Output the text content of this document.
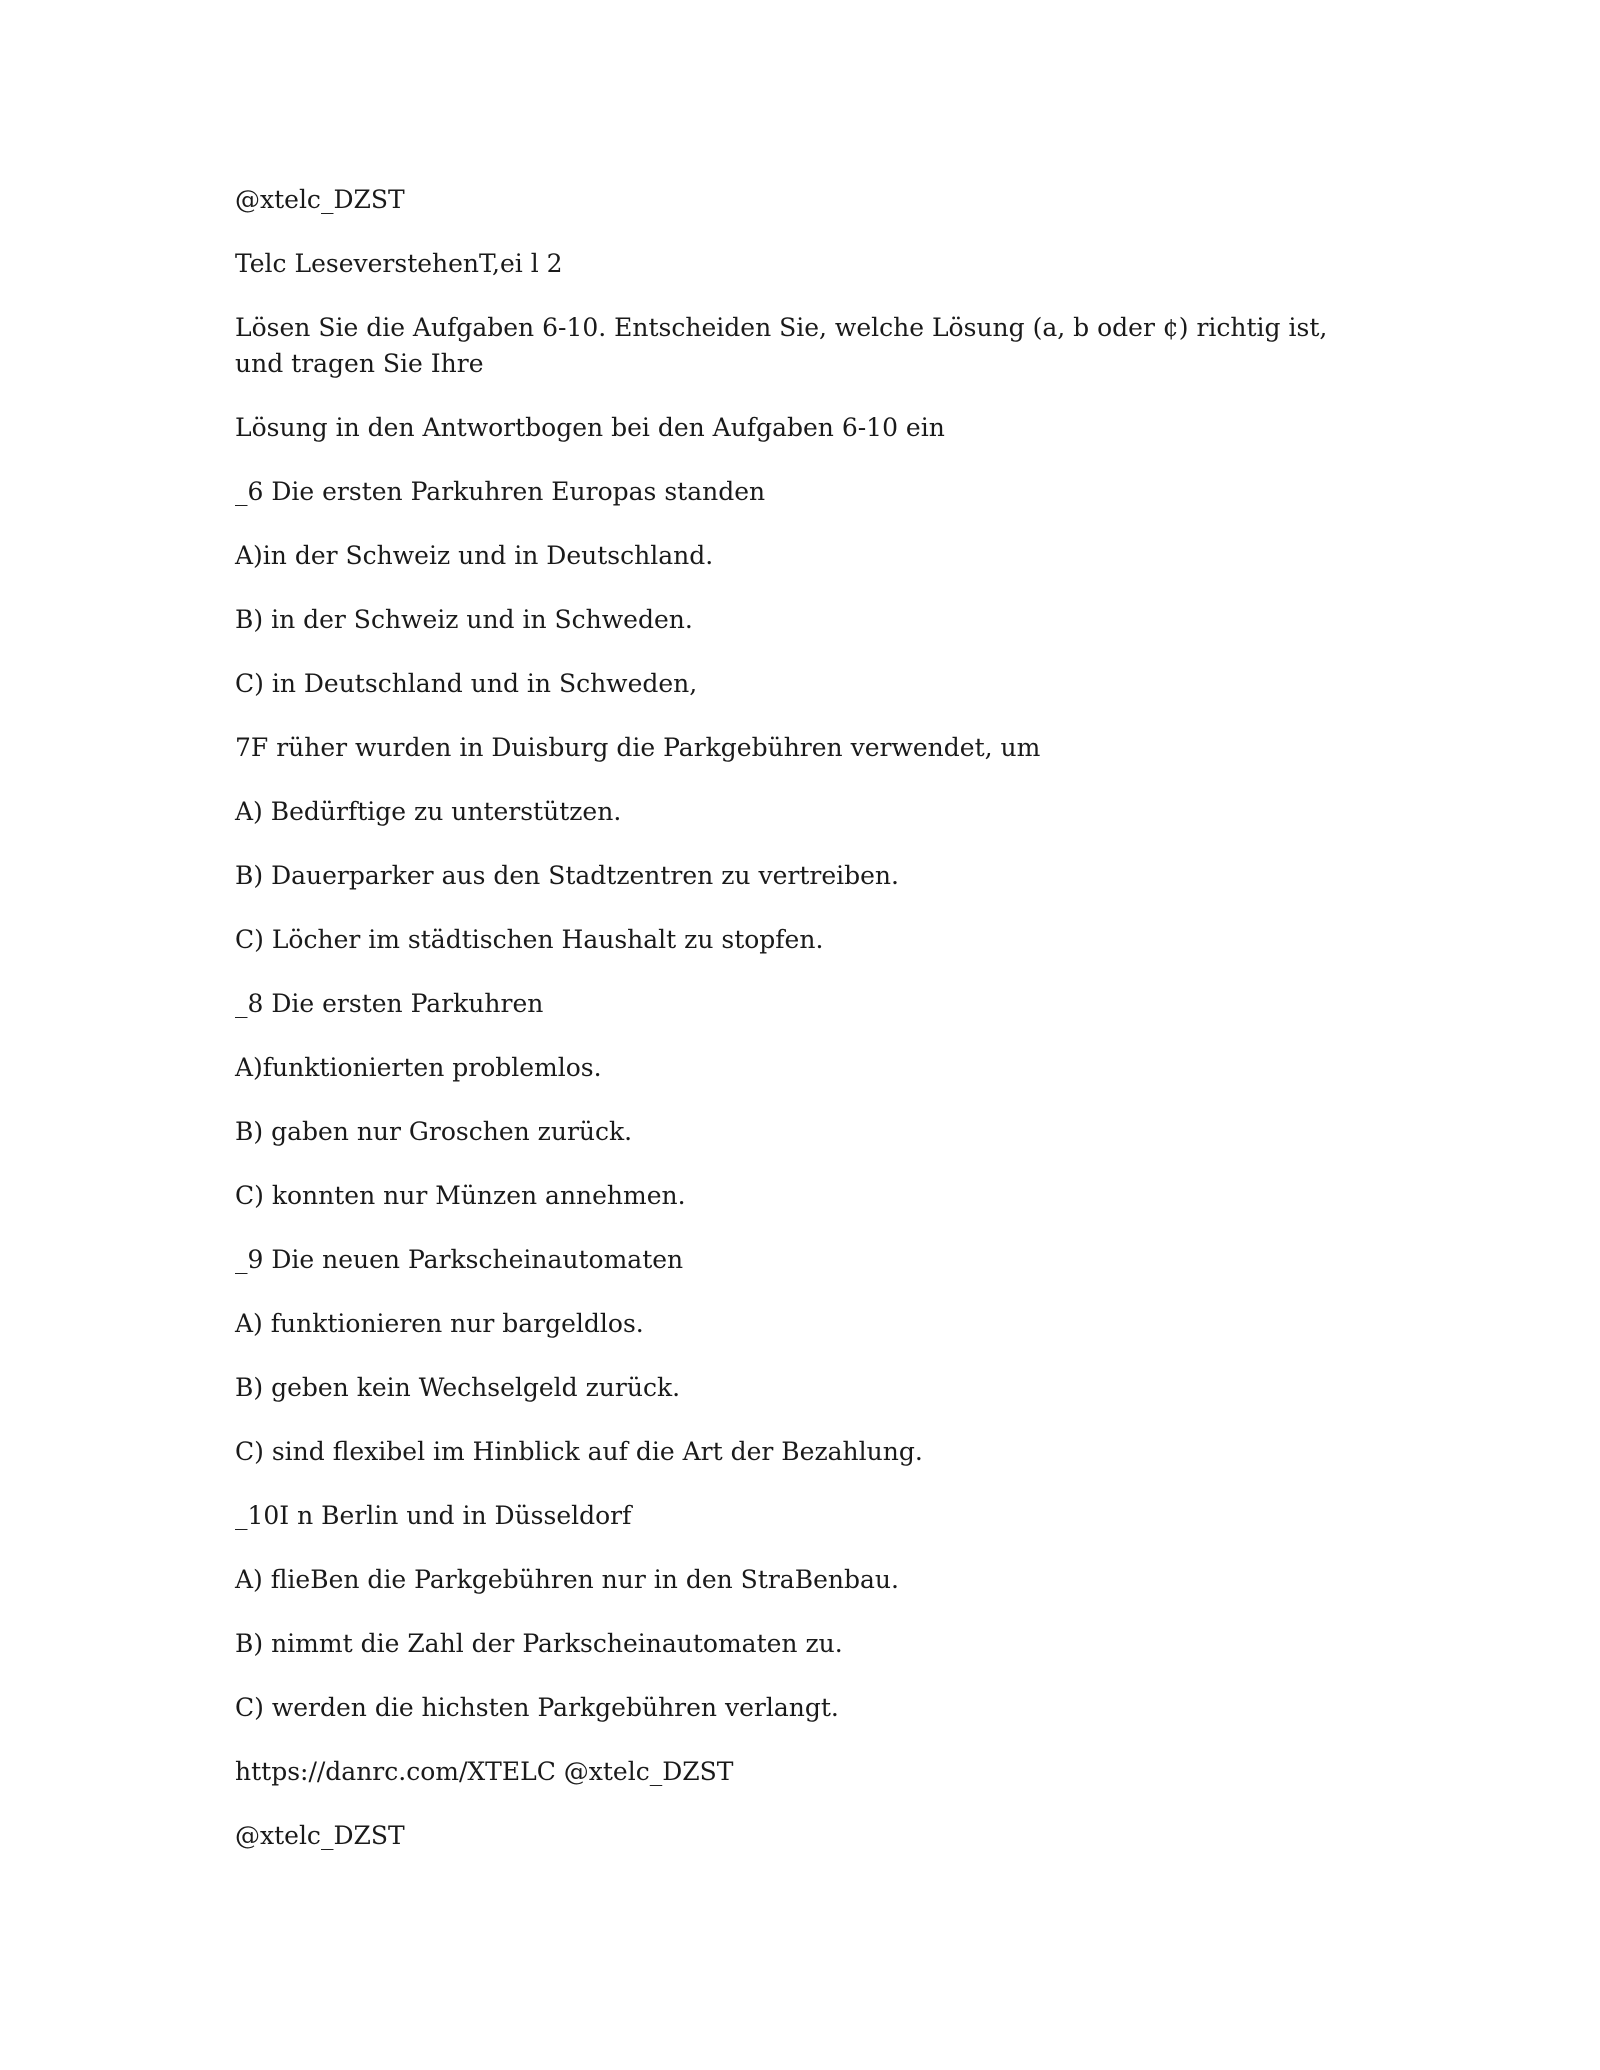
@xtelc_DZST

Telc LeseverstehenT,ei l 2

Lösen Sie die Aufgaben 6-10. Entscheiden Sie, welche Lösung (a, b oder ¢) richtig ist, und tragen Sie Ihre

Lösung in den Antwortbogen bei den Aufgaben 6-10 ein

_6 Die ersten Parkuhren Europas standen

A)in der Schweiz und in Deutschland.

B) in der Schweiz und in Schweden.

C) in Deutschland und in Schweden,

7F rüher wurden in Duisburg die Parkgebühren verwendet, um

A) Bedürftige zu unterstützen.

B) Dauerparker aus den Stadtzentren zu vertreiben.

C) Löcher im städtischen Haushalt zu stopfen.

_8 Die ersten Parkuhren

A)funktionierten problemlos.

B) gaben nur Groschen zurück.

C) konnten nur Münzen annehmen.

_9 Die neuen Parkscheinautomaten

A) funktionieren nur bargeldlos.

B) geben kein Wechselgeld zurück.

C) sind flexibel im Hinblick auf die Art der Bezahlung.

_10I n Berlin und in Düsseldorf

A) flieBen die Parkgebühren nur in den StraBenbau.

B) nimmt die Zahl der Parkscheinautomaten zu.

C) werden die hichsten Parkgebühren verlangt.

https://danrc.com/XTELC @xtelc_DZST

@xtelc_DZST
